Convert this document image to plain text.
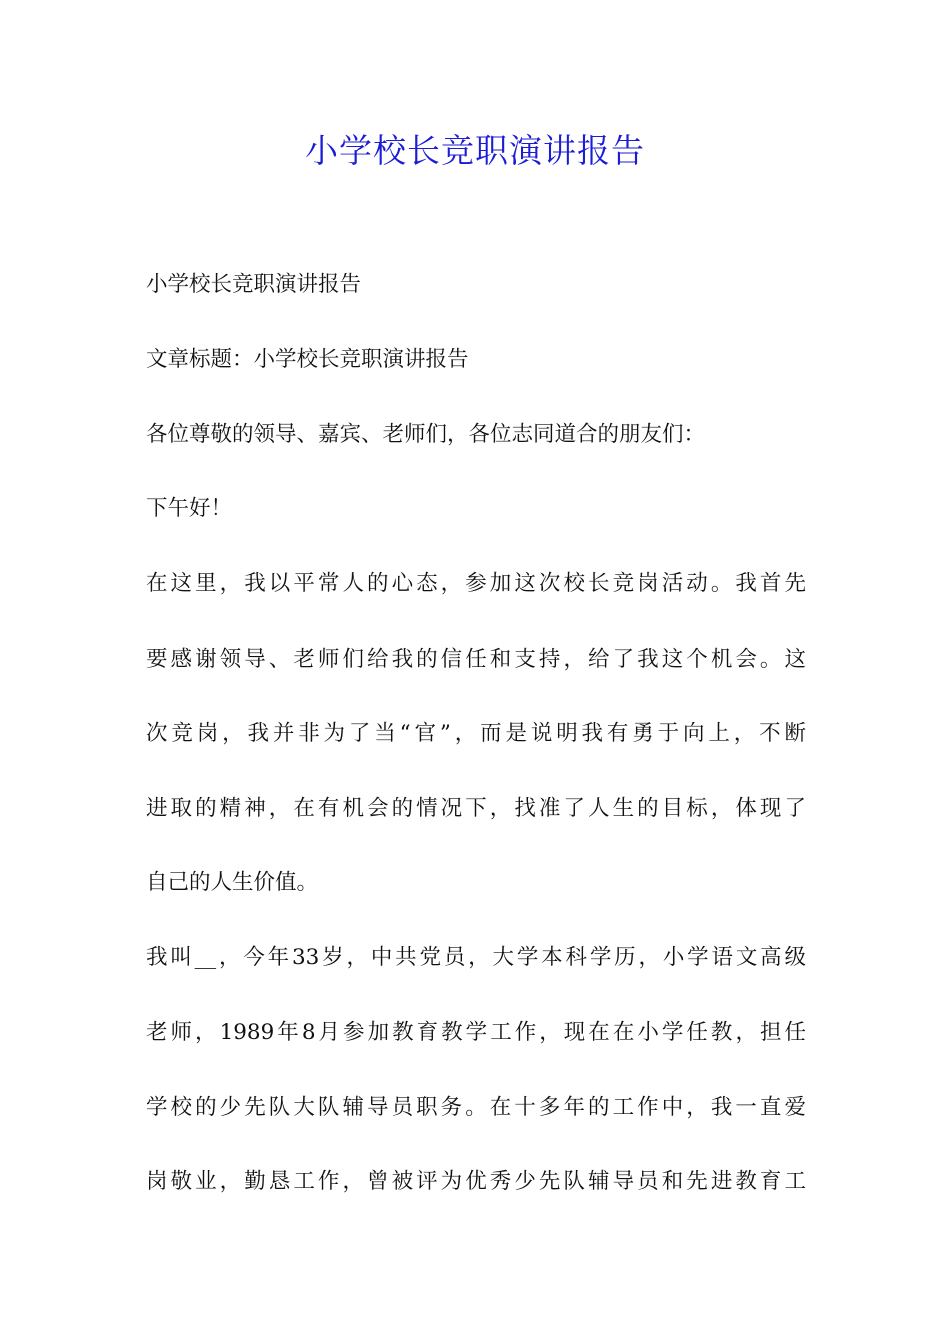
小学校长竞职演讲报告
小学校长竞职演讲报告
文章标题：小学校长竞职演讲报告
各位尊敬的领导、嘉宾、老师们，各位志同道合的朋友们：
下午好！
在这里，我以平常人的心态，参加这次校长竞岗活动。我首先
要感谢领导、老师们给我的信任和支持，给了我这个机会。这
次竞岗，我并非为了当“官”，而是说明我有勇于向上，不断
进取的精神，在有机会的情况下，找准了人生的目标，体现了
自己的人生价值。
我叫__，今年33岁，中共党员，大学本科学历，小学语文高级
老师，1989年8月参加教育教学工作，现在在小学任教，担任
学校的少先队大队辅导员职务。在十多年的工作中，我一直爱
岗敬业，勤恳工作，曾被评为优秀少先队辅导员和先进教育工
